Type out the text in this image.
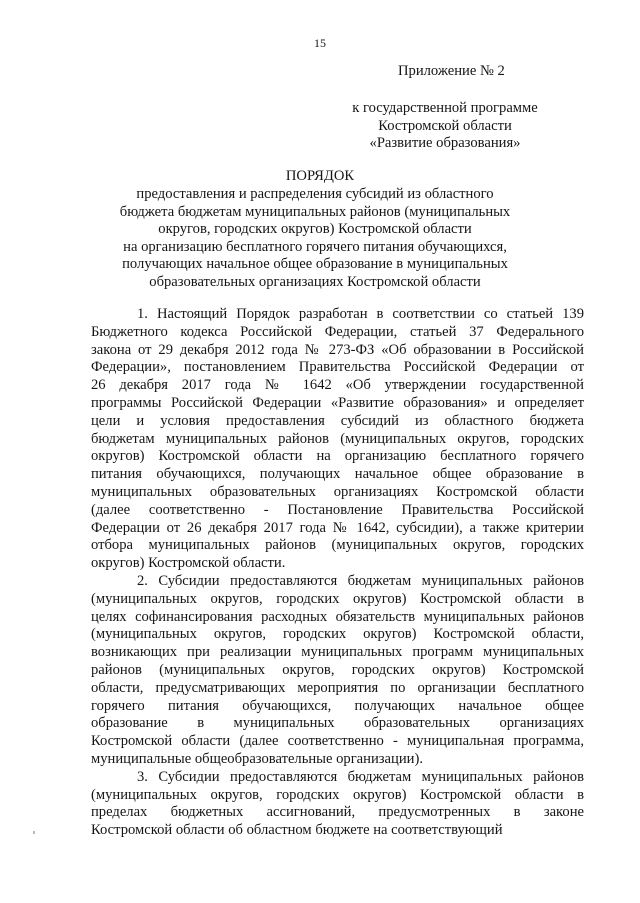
15
Приложение № 2
к государственной программе
Костромской области
«Развитие образования»
ПОРЯДОК
предоставления и распределения субсидий из областного
бюджета бюджетам муниципальных районов (муниципальных
округов, городских округов) Костромской области
на организацию бесплатного горячего питания обучающихся,
получающих начальное общее образование в муниципальных
образовательных организациях Костромской области
1. Настоящий Порядок разработан в соответствии со статьей 139
Бюджетного кодекса Российской Федерации, статьей 37 Федерального
закона от 29 декабря 2012 года № 273-ФЗ «Об образовании в Российской
Федерации», постановлением Правительства Российской Федерации от
26 декабря 2017 года № 1642 «Об утверждении государственной
программы Российской Федерации «Развитие образования» и определяет
цели и условия предоставления субсидий из областного бюджета
бюджетам муниципальных районов (муниципальных округов, городских
округов) Костромской области на организацию бесплатного горячего
питания обучающихся, получающих начальное общее образование в
муниципальных образовательных организациях Костромской области
(далее соответственно - Постановление Правительства Российской
Федерации от 26 декабря 2017 года № 1642, субсидии), а также критерии
отбора муниципальных районов (муниципальных округов, городских
округов) Костромской области.
2. Субсидии предоставляются бюджетам муниципальных районов
(муниципальных округов, городских округов) Костромской области в
целях софинансирования расходных обязательств муниципальных районов
(муниципальных округов, городских округов) Костромской области,
возникающих при реализации муниципальных программ муниципальных
районов (муниципальных округов, городских округов) Костромской
области, предусматривающих мероприятия по организации бесплатного
горячего питания обучающихся, получающих начальное общее
образование в муниципальных образовательных организациях
Костромской области (далее соответственно - муниципальная программа,
муниципальные общеобразовательные организации).
3. Субсидии предоставляются бюджетам муниципальных районов
(муниципальных округов, городских округов) Костромской области в
пределах бюджетных ассигнований, предусмотренных в законе
Костромской области об областном бюджете на соответствующий
